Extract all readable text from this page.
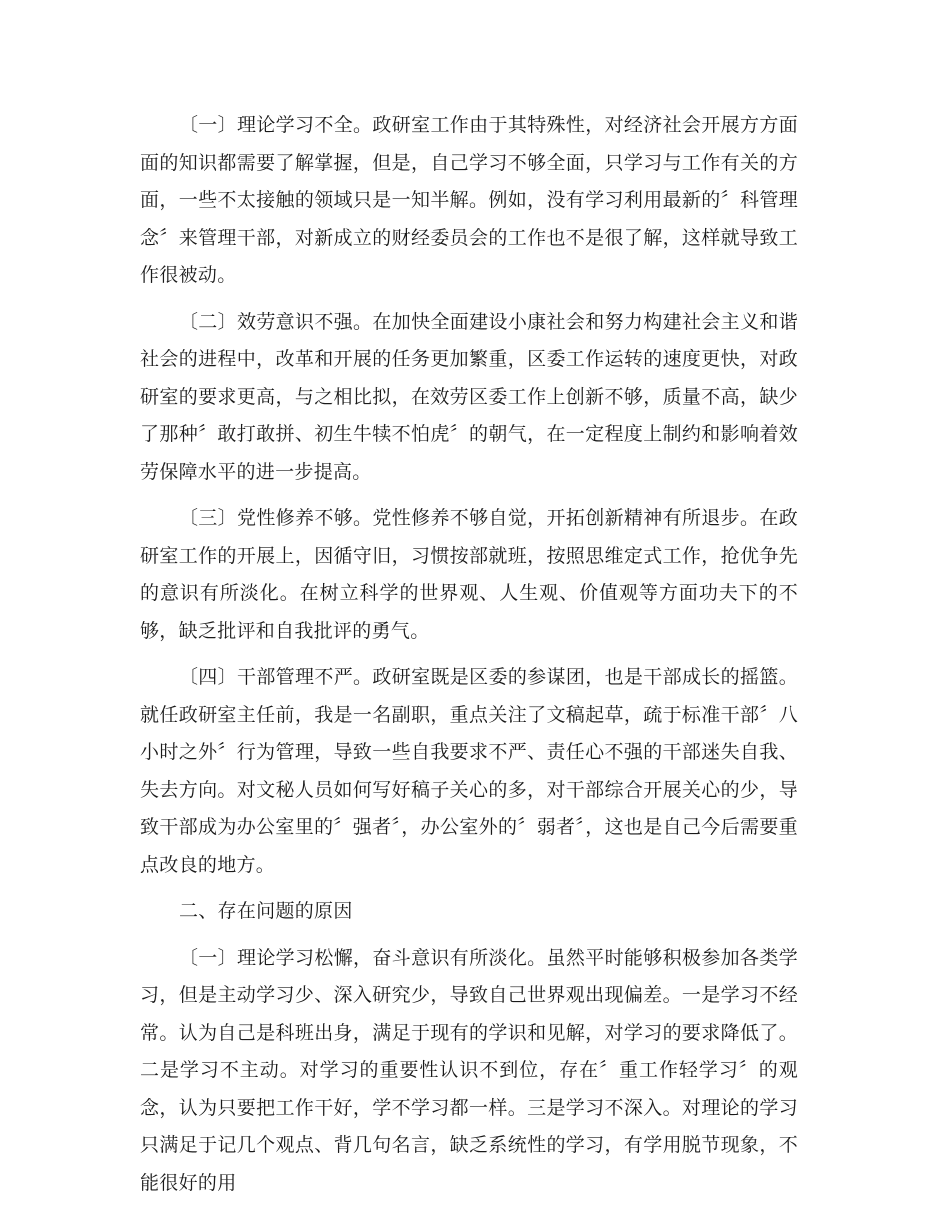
〔一〕理论学习不全。政研室工作由于其特殊性，对经济社会开展方方面面的知识都需要了解掌握，但是，自己学习不够全面，只学习与工作有关的方面，一些不太接触的领域只是一知半解。例如，没有学习利用最新的〞科管理念〞来管理干部，对新成立的财经委员会的工作也不是很了解，这样就导致工作很被动。

〔二〕效劳意识不强。在加快全面建设小康社会和努力构建社会主义和谐社会的进程中，改革和开展的任务更加繁重，区委工作运转的速度更快，对政研室的要求更高，与之相比拟，在效劳区委工作上创新不够，质量不高，缺少了那种〞敢打敢拼、初生牛犊不怕虎〞的朝气，在一定程度上制约和影响着效劳保障水平的进一步提高。

〔三〕党性修养不够。党性修养不够自觉，开拓创新精神有所退步。在政研室工作的开展上，因循守旧，习惯按部就班，按照思维定式工作，抢优争先的意识有所淡化。在树立科学的世界观、人生观、价值观等方面功夫下的不够，缺乏批评和自我批评的勇气。

〔四〕干部管理不严。政研室既是区委的参谋团，也是干部成长的摇篮。就任政研室主任前，我是一名副职，重点关注了文稿起草，疏于标准干部〞八小时之外〞行为管理，导致一些自我要求不严、责任心不强的干部迷失自我、失去方向。对文秘人员如何写好稿子关心的多，对干部综合开展关心的少，导致干部成为办公室里的〞强者〞，办公室外的〞弱者〞，这也是自己今后需要重点改良的地方。

二、存在问题的原因

〔一〕理论学习松懈，奋斗意识有所淡化。虽然平时能够积极参加各类学习，但是主动学习少、深入研究少，导致自己世界观出现偏差。一是学习不经常。认为自己是科班出身，满足于现有的学识和见解，对学习的要求降低了。二是学习不主动。对学习的重要性认识不到位，存在〞重工作轻学习〞的观念，认为只要把工作干好，学不学习都一样。三是学习不深入。对理论的学习只满足于记几个观点、背几句名言，缺乏系统性的学习，有学用脱节现象，不能很好的用
